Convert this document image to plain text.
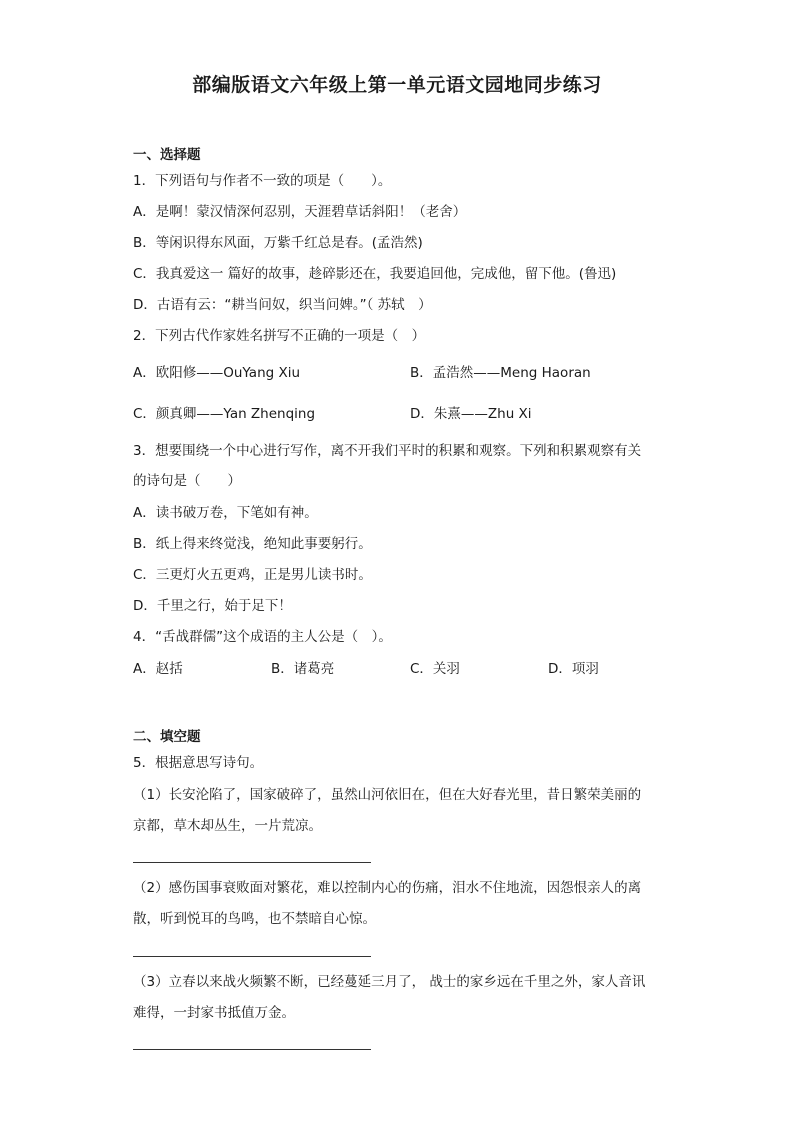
部编版语文六年级上第一单元语文园地同步练习
一、选择题
1．下列语句与作者不一致的项是（　　）。
A．是啊！蒙汉情深何忍别，天涯碧草话斜阳！（老舍）
B．等闲识得东风面，万紫千红总是春。(孟浩然)
C．我真爱这一 篇好的故事，趁碎影还在，我要追回他，完成他，留下他。(鲁迅)
D．古语有云：“耕当问奴，织当问婢。”（ 苏轼　）
2．下列古代作家姓名拼写不正确的一项是（　）
A．欧阳修——OuYang Xiu	B．孟浩然——Meng Haoran
C．颜真卿——Yan Zhenqing	D．朱熹——Zhu Xi
3．想要围绕一个中心进行写作，离不开我们平时的积累和观察。下列和积累观察有关
的诗句是（　　）
A．读书破万卷，下笔如有神。
B．纸上得来终觉浅，绝知此事要躬行。
C．三更灯火五更鸡，正是男儿读书时。
D．千里之行，始于足下！
4．“舌战群儒”这个成语的主人公是（　）。
A．赵括	B．诸葛亮	C．关羽	D．项羽
二、填空题
5．根据意思写诗句。
（1）长安沦陷了，国家破碎了，虽然山河依旧在，但在大好春光里，昔日繁荣美丽的
京都，草木却丛生，一片荒凉。
（2）感伤国事衰败面对繁花，难以控制内心的伤痛，泪水不住地流，因怨恨亲人的离
散，听到悦耳的鸟鸣，也不禁暗自心惊。
（3）立春以来战火频繁不断，已经蔓延三月了， 战士的家乡远在千里之外，家人音讯
难得，一封家书抵值万金。
